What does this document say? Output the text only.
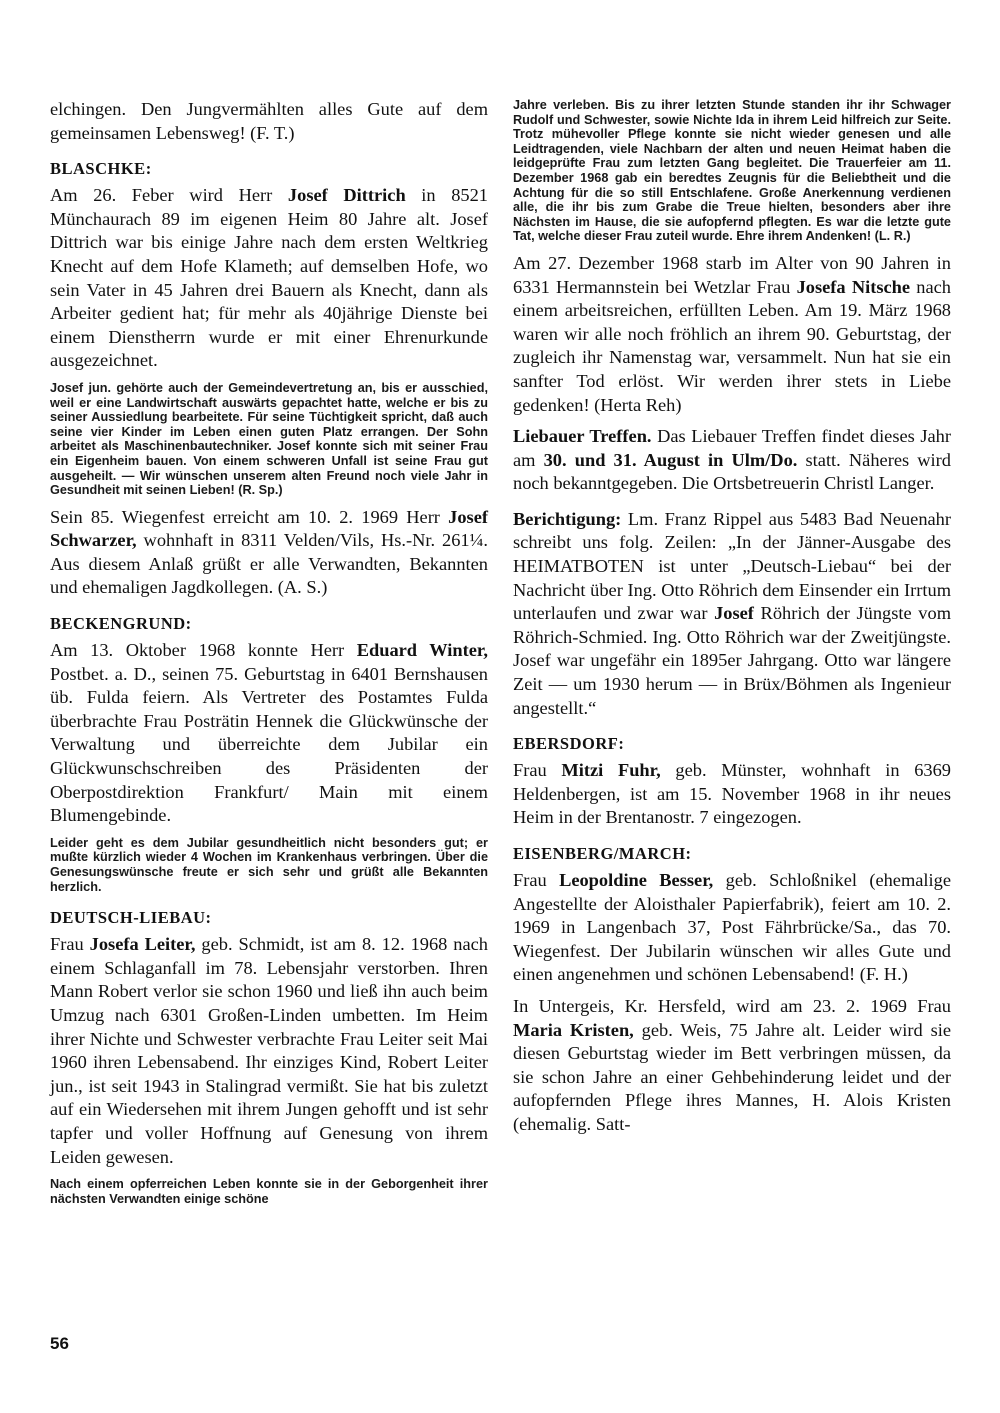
elchingen. Den Jungvermählten alles Gute auf dem gemeinsamen Lebensweg! (F. T.)

BLASCHKE:

Am 26. Feber wird Herr Josef Dittrich in 8521 Münchaurach 89 im eigenen Heim 80 Jahre alt. Josef Dittrich war bis einige Jahre nach dem ersten Weltkrieg Knecht auf dem Hofe Klameth; auf demselben Hofe, wo sein Vater in 45 Jahren drei Bauern als Knecht, dann als Arbeiter gedient hat; für mehr als 40jährige Dienste bei einem Dienstherrn wurde er mit einer Ehrenurkunde ausgezeichnet.

Josef jun. gehörte auch der Gemeindevertretung an, bis er ausschied, weil er eine Landwirtschaft auswärts gepachtet hatte, welche er bis zu seiner Aussiedlung bearbeitete. Für seine Tüchtigkeit spricht, daß auch seine vier Kinder im Leben einen guten Platz errangen. Der Sohn arbeitet als Maschinenbautechniker. Josef konnte sich mit seiner Frau ein Eigenheim bauen. Von einem schweren Unfall ist seine Frau gut ausgeheilt. — Wir wünschen unserem alten Freund noch viele Jahr in Gesundheit mit seinen Lieben! (R. Sp.)

Sein 85. Wiegenfest erreicht am 10. 2. 1969 Herr Josef Schwarzer, wohnhaft in 8311 Velden/Vils, Hs.-Nr. 261¼. Aus diesem Anlaß grüßt er alle Verwandten, Bekannten und ehemaligen Jagdkollegen. (A. S.)

BECKENGRUND:

Am 13. Oktober 1968 konnte Herr Eduard Winter, Postbet. a. D., seinen 75. Geburtstag in 6401 Bernshausen üb. Fulda feiern. Als Vertreter des Postamtes Fulda überbrachte Frau Posträtin Hennek die Glückwünsche der Verwaltung und überreichte dem Jubilar ein Glückwunschschreiben des Präsidenten der Oberpostdirektion Frankfurt/ Main mit einem Blumengebinde.

Leider geht es dem Jubilar gesundheitlich nicht besonders gut; er mußte kürzlich wieder 4 Wochen im Krankenhaus verbringen. Über die Genesungswünsche freute er sich sehr und grüßt alle Bekannten herzlich.

DEUTSCH-LIEBAU:

Frau Josefa Leiter, geb. Schmidt, ist am 8. 12. 1968 nach einem Schlaganfall im 78. Lebensjahr verstorben. Ihren Mann Robert verlor sie schon 1960 und ließ ihn auch beim Umzug nach 6301 Großen-Linden umbetten. Im Heim ihrer Nichte und Schwester verbrachte Frau Leiter seit Mai 1960 ihren Lebensabend. Ihr einziges Kind, Robert Leiter jun., ist seit 1943 in Stalingrad vermißt. Sie hat bis zuletzt auf ein Wiedersehen mit ihrem Jungen gehofft und ist sehr tapfer und voller Hoffnung auf Genesung von ihrem Leiden gewesen.

Nach einem opferreichen Leben konnte sie in der Geborgenheit ihrer nächsten Verwandten einige schöne

Jahre verleben. Bis zu ihrer letzten Stunde standen ihr ihr Schwager Rudolf und Schwester, sowie Nichte Ida in ihrem Leid hilfreich zur Seite. Trotz mühevoller Pflege konnte sie nicht wieder genesen und alle Leidtragenden, viele Nachbarn der alten und neuen Heimat haben die leidgeprüfte Frau zum letzten Gang begleitet. Die Trauerfeier am 11. Dezember 1968 gab ein beredtes Zeugnis für die Beliebtheit und die Achtung für die so still Entschlafene. Große Anerkennung verdienen alle, die ihr bis zum Grabe die Treue hielten, besonders aber ihre Nächsten im Hause, die sie aufopfernd pflegten. Es war die letzte gute Tat, welche dieser Frau zuteil wurde. Ehre ihrem Andenken! (L. R.)

Am 27. Dezember 1968 starb im Alter von 90 Jahren in 6331 Hermannstein bei Wetzlar Frau Josefa Nitsche nach einem arbeitsreichen, erfüllten Leben. Am 19. März 1968 waren wir alle noch fröhlich an ihrem 90. Geburtstag, der zugleich ihr Namenstag war, versammelt. Nun hat sie ein sanfter Tod erlöst. Wir werden ihrer stets in Liebe gedenken! (Herta Reh)

Liebauer Treffen. Das Liebauer Treffen findet dieses Jahr am 30. und 31. August in Ulm/Do. statt. Näheres wird noch bekanntgegeben. Die Ortsbetreuerin Christl Langer.

Berichtigung: Lm. Franz Rippel aus 5483 Bad Neuenahr schreibt uns folg. Zeilen: „In der Jänner-Ausgabe des HEIMATBOTEN ist unter „Deutsch-Liebau“ bei der Nachricht über Ing. Otto Röhrich dem Einsender ein Irrtum unterlaufen und zwar war Josef Röhrich der Jüngste vom Röhrich-Schmied. Ing. Otto Röhrich war der Zweitjüngste. Josef war ungefähr ein 1895er Jahrgang. Otto war längere Zeit — um 1930 herum — in Brüx/Böhmen als Ingenieur angestellt.“

EBERSDORF:

Frau Mitzi Fuhr, geb. Münster, wohnhaft in 6369 Heldenbergen, ist am 15. November 1968 in ihr neues Heim in der Brentanostr. 7 eingezogen.

EISENBERG/MARCH:

Frau Leopoldine Besser, geb. Schloßnikel (ehemalige Angestellte der Aloisthaler Papierfabrik), feiert am 10. 2. 1969 in Langenbach 37, Post Fährbrücke/Sa., das 70. Wiegenfest. Der Jubilarin wünschen wir alles Gute und einen angenehmen und schönen Lebensabend! (F. H.)

In Untergeis, Kr. Hersfeld, wird am 23. 2. 1969 Frau Maria Kristen, geb. Weis, 75 Jahre alt. Leider wird sie diesen Geburtstag wieder im Bett verbringen müssen, da sie schon Jahre an einer Gehbehinderung leidet und der aufopfernden Pflege ihres Mannes, H. Alois Kristen (ehemalig. Satt-

56
